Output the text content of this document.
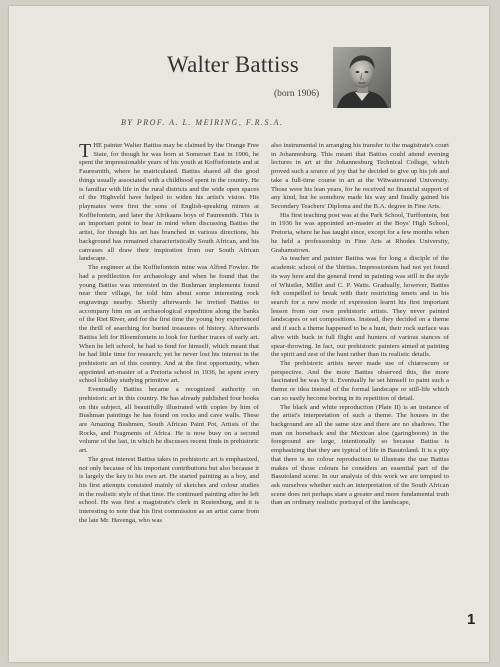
Walter Battiss
(born 1906)
BY PROF. A. L. MEIRING, F.R.S.A.

THE painter Walter Battiss may be claimed by the Orange Free State, for though he was born at Somerset East in 1906, he spent the impressionable years of his youth at Koffiefontein and at Fauresmith, where he matriculated. Battiss shared all the good things usually associated with a childhood spent in the country. He is familiar with life in the rural districts and the wide open spaces of the Highveld have helped to widen his artist's vision. His playmates were first the sons of English-speaking miners at Koffiefontein, and later the Afrikaans boys of Fauresmith. This is an important point to bear in mind when discussing Battiss the artist, for though his art has branched in various directions, his background has remained characteristically South African, and his canvases all draw their inspiration from our South African landscape.

The engineer at the Koffiefontein mine was Alfred Fowler. He had a predilection for archaeology and when he found that the young Battiss was interested in the Bushman implements found near their village, he told him about some interesting rock engravings nearby. Shortly afterwards he invited Battiss to accompany him on an archaeological expedition along the banks of the Riet River, and for the first time the young boy experienced the thrill of searching for buried treasures of history. Afterwards Battiss left for Bloemfontein to look for further traces of early art. When he left school, he had to fend for himself, which meant that he had little time for research; yet he never lost his interest in the prehistoric art of this country. And at the first opportunity, when appointed art-master of a Pretoria school in 1936, he spent every school holiday studying primitive art.

Eventually Battiss became a recognized authority on prehistoric art in this country. He has already published four books on this subject, all beautifully illustrated with copies by him of Bushman paintings he has found on rocks and cave walls. These are Amazing Bushmen, South African Paint Pot, Artists of the Rocks, and Fragments of Africa. He is now busy on a second volume of the last, in which he discusses recent finds in prehistoric art.

The great interest Battiss takes in prehistoric art is emphasized, not only because of his important contributions but also because it is largely the key to his own art. He started painting as a boy, and his first attempts consisted mainly of sketches and colour studies in the realistic style of that time. He continued painting after he left school. He was first a magistrate's clerk in Rustenburg, and it is interesting to note that his first commission as an artist came from the late Mr. Havenga, who was

also instrumental in arranging his transfer to the magistrate's court in Johannesburg. This meant that Battiss could attend evening lectures in art at the Johannesburg Technical College, which proved such a source of joy that he decided to give up his job and take a full-time course in art at the Witwatersrand University. Those were his lean years, for he received no financial support of any kind, but he somehow made his way and finally gained his Secondary Teachers' Diploma and the B.A. degree in Fine Arts.

His first teaching post was at the Park School, Turffontein, but in 1936 he was appointed art-master at the Boys' High School, Pretoria, where he has taught since, except for a few months when he held a professorship in Fine Arts at Rhodes University, Grahamstown.

As teacher and painter Battiss was for long a disciple of the academic school of the 'thirties. Impressionism had not yet found its way here and the general trend in painting was still in the style of Whistler, Millet and C. P. Watts. Gradually, however, Battiss felt compelled to break with their restricting tenets and in his search for a new mode of expression learnt his first important lesson from our own prehistoric artists. They never painted landscapes or set compositions. Instead, they decided on a theme and if such a theme happened to be a hunt, their rock surface was alive with buck in full flight and hunters of various stances of spear-throwing. In fact, our prehistoric painters aimed at painting the spirit and zest of the hunt rather than its realistic details.

The prehistoric artists never made use of chiaroscuro or perspective. And the more Battiss observed this, the more fascinated he was by it. Eventually he set himself to paint such a theme or idea instead of the formal landscape or still-life which can so easily become boring in its repetition of detail.

The black and white reproduction (Plate II) is an instance of the artist's interpretation of such a theme. The houses in the background are all the same size and there are no shadows. The man on horseback and the Mexican aloe (garingboom) in the foreground are large, intentionally so because Battiss is emphasizing that they are typical of life in Basutoland. It is a pity that there is no colour reproduction to illustrate the use Battiss makes of those colours he considers an essential part of the Basutoland scene. In our analysis of this work we are tempted to ask ourselves whether such an interpretation of the South African scene does not perhaps stare a greater and more fundamental truth than an ordinary realistic portrayal of the landscape,

1
